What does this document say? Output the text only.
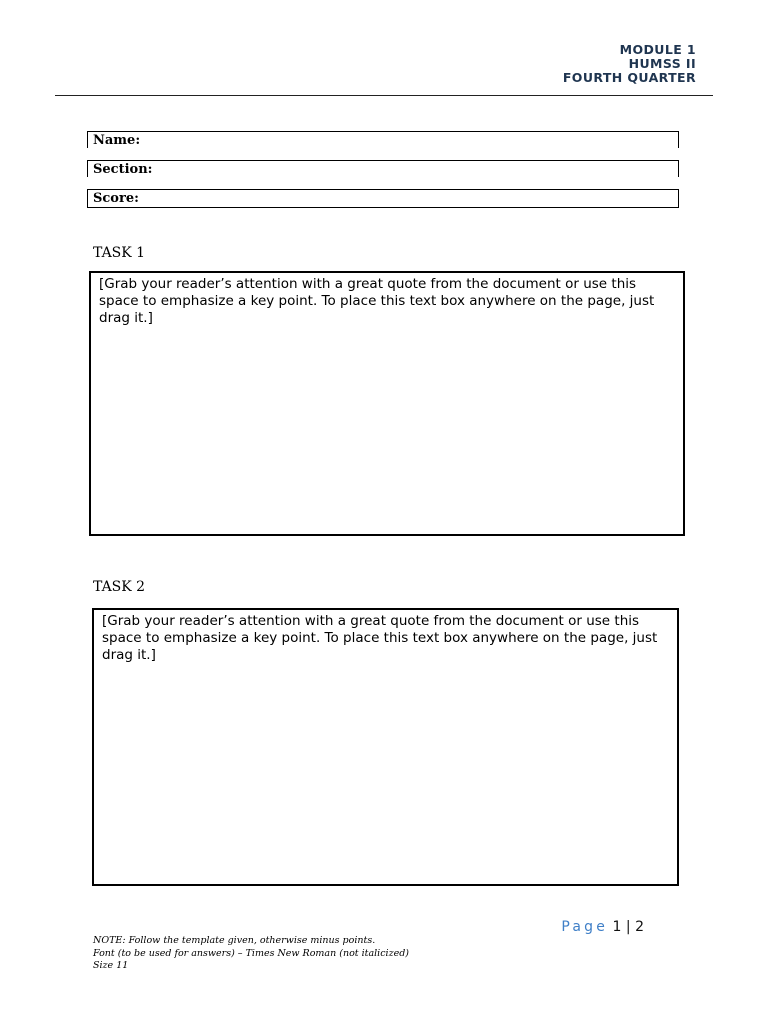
MODULE 1
HUMSS II
FOURTH QUARTER
Name:
Section:
Score:
TASK 1
[Grab your reader’s attention with a great quote from the document or use this space to emphasize a key point. To place this text box anywhere on the page, just drag it.]
TASK 2
[Grab your reader’s attention with a great quote from the document or use this space to emphasize a key point. To place this text box anywhere on the page, just drag it.]
Page 1 | 2
NOTE: Follow the template given, otherwise minus points.
Font (to be used for answers) – Times New Roman (not italicized)
Size 11
